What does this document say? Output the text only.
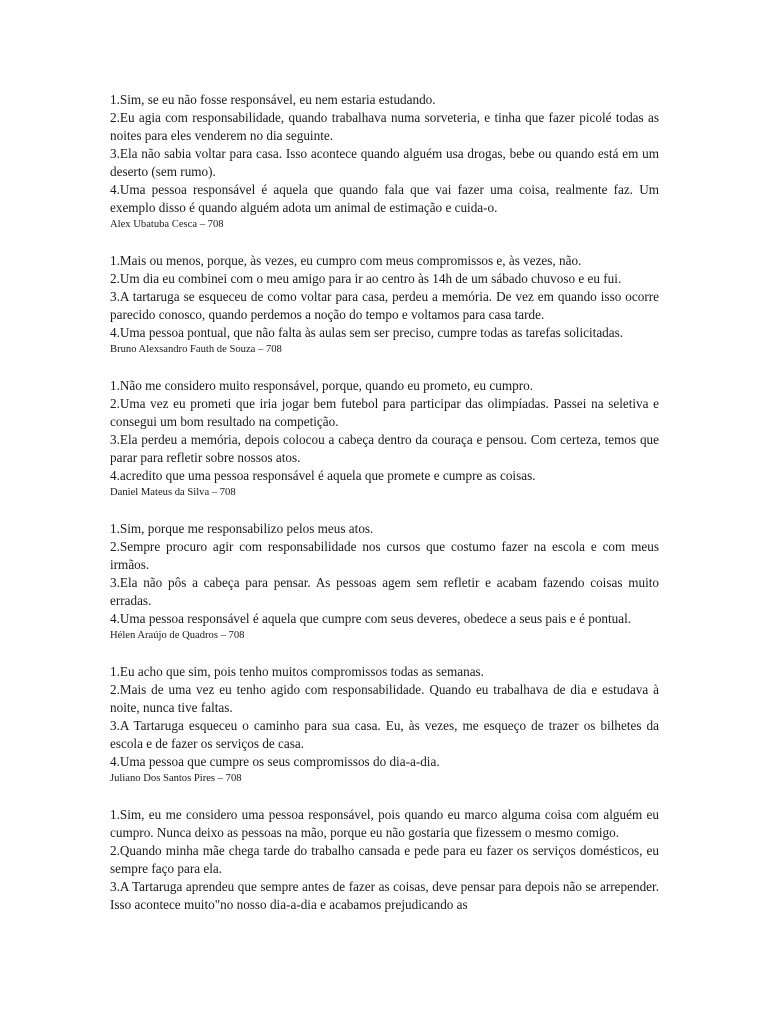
1.Sim, se eu não fosse responsável, eu nem estaria estudando.

2.Eu agia com responsabilidade, quando trabalhava numa sorveteria, e tinha que fazer picolé todas as noites para eles venderem no dia seguinte.

3.Ela não sabia voltar para casa. Isso acontece quando alguém usa drogas, bebe ou quando está em um deserto (sem rumo).

4.Uma pessoa responsável é aquela que quando fala que vai fazer uma coisa, realmente faz. Um exemplo disso é quando alguém adota um animal de estimação e cuida-o.

Alex Ubatuba Cesca – 708

1.Mais ou menos, porque, às vezes, eu cumpro com meus compromissos e, às vezes, não.

2.Um dia eu combinei com o meu amigo para ir ao centro às 14h de um sábado chuvoso e eu fui.

3.A tartaruga se esqueceu de como voltar para casa, perdeu a memória. De vez em quando isso ocorre parecido conosco, quando perdemos a noção do tempo e voltamos para casa tarde.

4.Uma pessoa pontual, que não falta às aulas sem ser preciso, cumpre todas as tarefas solicitadas.

Bruno Alexsandro Fauth de Souza – 708

1.Não me considero muito responsável, porque, quando eu prometo, eu cumpro.

2.Uma vez eu prometi que iria jogar bem futebol para participar das olimpíadas. Passei na seletiva e consegui um bom resultado na competição.

3.Ela perdeu a memória, depois colocou a cabeça dentro da couraça e pensou. Com certeza, temos que parar para refletir sobre nossos atos.

4.acredito que uma pessoa responsável é aquela que promete e cumpre as coisas.

Daniel Mateus da Silva – 708

1.Sim, porque me responsabilizo pelos meus atos.

2.Sempre procuro agir com responsabilidade nos cursos que costumo fazer na escola e com meus irmãos.

3.Ela não pôs a cabeça para pensar. As pessoas agem sem refletir e acabam fazendo coisas muito erradas.

4.Uma pessoa responsável é aquela que cumpre com seus deveres, obedece a seus pais e é pontual.

Hélen Araújo de Quadros – 708

1.Eu acho que sim, pois tenho muitos compromissos todas as semanas.

2.Mais de uma vez eu tenho agido com responsabilidade. Quando eu trabalhava de dia e estudava à noite, nunca tive faltas.

3.A Tartaruga esqueceu o caminho para sua casa. Eu, às vezes, me esqueço de trazer os bilhetes da escola e de fazer os serviços de casa.

4.Uma pessoa que cumpre os seus compromissos do dia-a-dia.

Juliano Dos Santos Pires – 708

1.Sim, eu me considero uma pessoa responsável, pois quando eu marco alguma coisa com alguém eu cumpro. Nunca deixo as pessoas na mão, porque eu não gostaria que fizessem o mesmo comigo.

2.Quando minha mãe chega tarde do trabalho cansada e pede para eu fazer os serviços domésticos, eu sempre faço para ela.

3.A Tartaruga aprendeu que sempre antes de fazer as coisas, deve pensar para depois não se arrepender. Isso acontece muito"no nosso dia-a-dia e acabamos prejudicando as
